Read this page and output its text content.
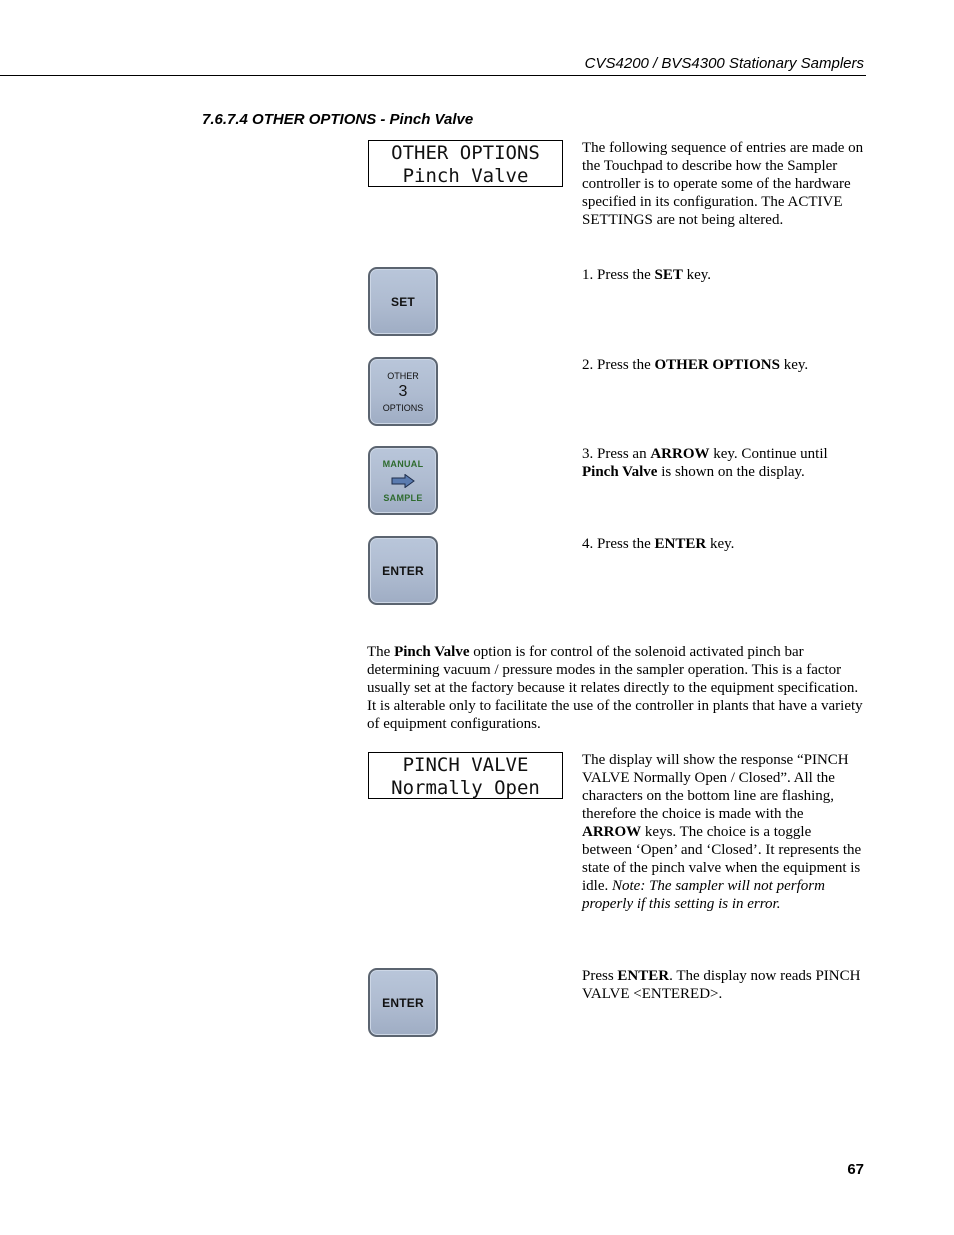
CVS4200 / BVS4300 Stationary Samplers
7.6.7.4 OTHER OPTIONS - Pinch Valve
OTHER OPTIONS
Pinch Valve
The following sequence of entries are made on the Touchpad to describe how the Sampler controller is to operate some of the hardware specified in its configuration. The ACTIVE SETTINGS are not being altered.
SET
1. Press the SET key.
OTHER
3
OPTIONS
2. Press the OTHER OPTIONS key.
MANUAL
SAMPLE
3. Press an ARROW key. Continue until Pinch Valve is shown on the display.
ENTER
4. Press the ENTER key.
The Pinch Valve option is for control of the solenoid activated pinch bar determining vacuum / pressure modes in the sampler operation. This is a factor usually set at the factory because it relates directly to the equipment specification. It is alterable only to facilitate the use of the controller in plants that have a variety of equipment configurations.
PINCH VALVE
Normally Open
The display will show the response “PINCH VALVE Normally Open / Closed”. All the characters on the bottom line are flashing, therefore the choice is made with the ARROW keys. The choice is a toggle between ‘Open’ and ‘Closed’. It represents the state of the pinch valve when the equipment is idle. Note: The sampler will not perform properly if this setting is in error.
ENTER
Press ENTER. The display now reads PINCH VALVE <ENTERED>.
67
